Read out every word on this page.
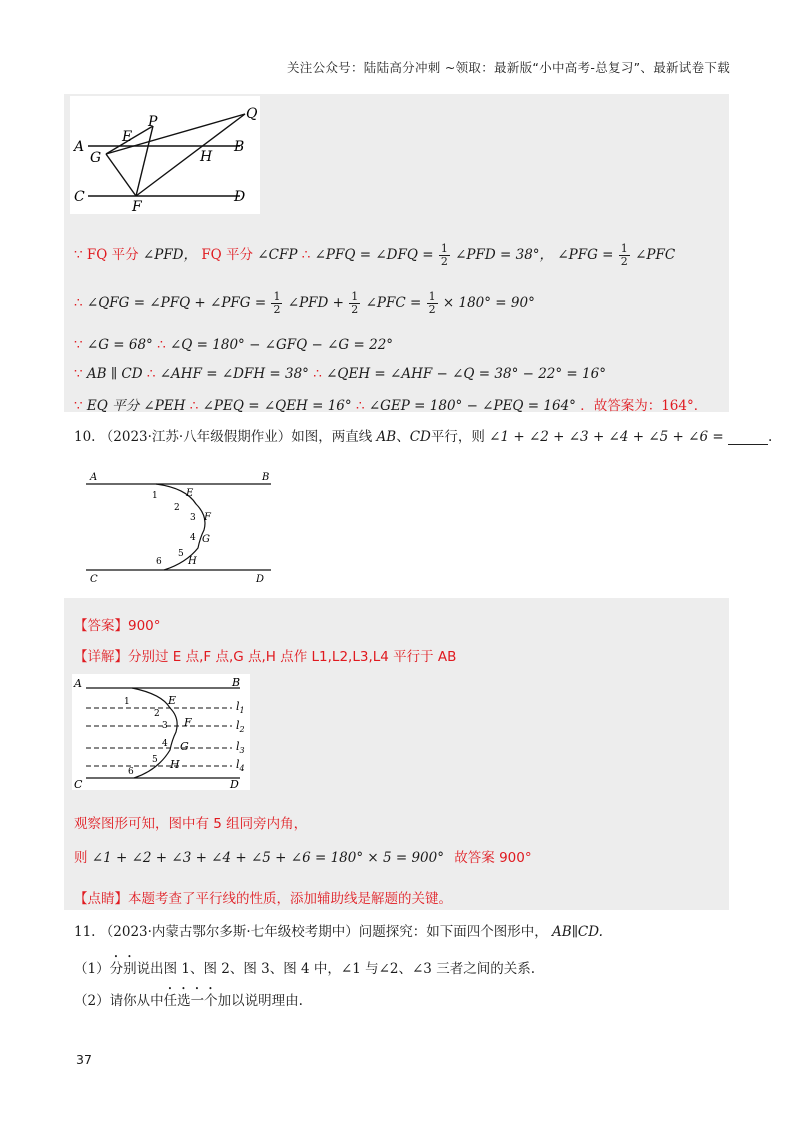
关注公众号：陆陆高分冲刺 ~领取：最新版“小中高考-总复习”、最新试卷下载
A	B
C	D
E
F
G	H
P	Q
∵ FQ 平分 ∠PFD， FQ 平分 ∠CFP ∴ ∠PFQ = ∠DFQ = $\frac{1}{2}$ ∠PFD = 38°， ∠PFG = $\frac{1}{2}$ ∠PFC
∴ ∠QFG = ∠PFQ + ∠PFG = $\frac{1}{2}$ ∠PFD + $\frac{1}{2}$ ∠PFC = $\frac{1}{2} \times 180^\circ = 90^\circ$
∵ ∠G = 68° ∴ ∠Q = 180° − ∠GFQ − ∠G = 22°
∵ AB ∥ CD ∴ ∠AHF = ∠DFH = 38° ∴ ∠QEH = ∠AHF − ∠Q = 38° − 22° = 16°
∵ EQ 平分 ∠PEH ∴ ∠PEQ = ∠QEH = 16° ∴ ∠GEP = 180° − ∠PEQ = 164° ．故答案为：164°．
10. （2023·江苏·八年级假期作业）如图，两直线 AB、CD平行，则 ∠1 + ∠2 + ∠3 + ∠4 + ∠5 + ∠6 =	.
A	B
C	D
E
F
G
H
1
2
3
4
5
6
【答案】900°
【详解】分别过 E 点,F 点,G 点,H 点作 L1,L2,L3,L4 平行于 AB
A	B
C	D
E
F
G
H
$l_1$
$l_2$
$l_3$
$l_4$
1
2
3
4
5
6
观察图形可知，图中有 5 组同旁内角，
则 ∠1 + ∠2 + ∠3 + ∠4 + ∠5 + ∠6 = 180° × 5 = 900° 故答案 900°
【点睛】本题考查了平行线的性质，添加辅助线是解题的关键。
11. （2023·内蒙古鄂尔多斯·七年级校考期中）问题探究：如下面四个图形中， AB∥CD.
（1）分别说出图 1、图 2、图 3、图 4 中，∠1 与∠2、∠3 三者之间的关系.
（2）请你从中任选一个加以说明理由.
37
